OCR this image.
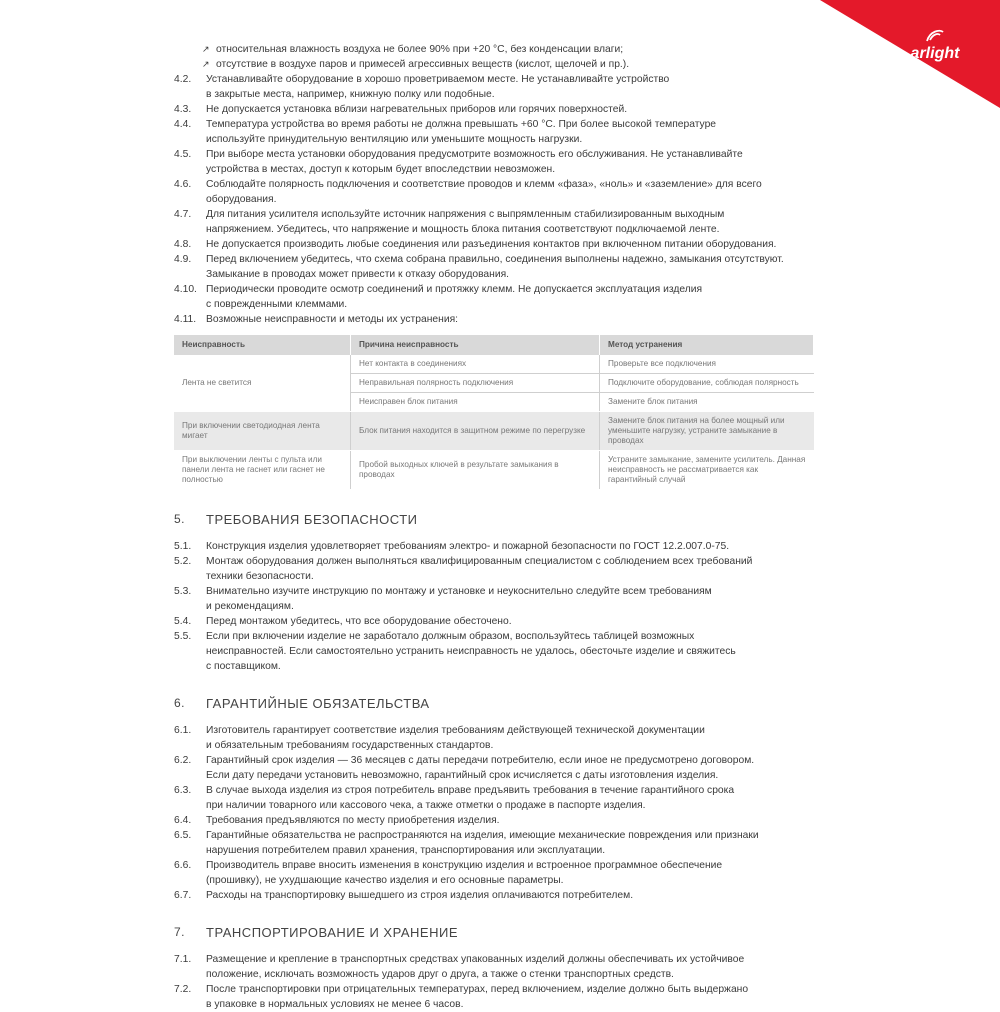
arlight
↗ относительная влажность воздуха не более 90% при +20 °С, без конденсации влаги;
↗ отсутствие в воздухе паров и примесей агрессивных веществ (кислот, щелочей и пр.).
4.2. Устанавливайте оборудование в хорошо проветриваемом месте. Не устанавливайте устройство
в закрытые места, например, книжную полку или подобные.
4.3. Не допускается установка вблизи нагревательных приборов или горячих поверхностей.
4.4. Температура устройства во время работы не должна превышать +60 °С. При более высокой температуре
используйте принудительную вентиляцию или уменьшите мощность нагрузки.
4.5. При выборе места установки оборудования предусмотрите возможность его обслуживания. Не устанавливайте
устройства в местах, доступ к которым будет впоследствии невозможен.
4.6. Соблюдайте полярность подключения и соответствие проводов и клемм «фаза», «ноль» и «заземление» для всего
оборудования.
4.7. Для питания усилителя используйте источник напряжения с выпрямленным стабилизированным выходным
напряжением. Убедитесь, что напряжение и мощность блока питания соответствуют подключаемой ленте.
4.8. Не допускается производить любые соединения или разъединения контактов при включенном питании оборудования.
4.9. Перед включением убедитесь, что схема собрана правильно, соединения выполнены надежно, замыкания отсутствуют.
Замыкание в проводах может привести к отказу оборудования.
4.10. Периодически проводите осмотр соединений и протяжку клемм. Не допускается эксплуатация изделия
с поврежденными клеммами.
4.11. Возможные неисправности и методы их устранения:
Неисправность	Причина неисправность	Метод устранения
Лента не светится	Нет контакта в соединениях	Проверьте все подключения
	Неправильная полярность подключения	Подключите оборудование, соблюдая полярность
	Неисправен блок питания	Замените блок питания
При включении светодиодная лента мигает	Блок питания находится в защитном режиме по перегрузке	Замените блок питания на более мощный или уменьшите нагрузку, устраните замыкание в проводах
При выключении ленты с пульта или панели лента не гаснет или гаснет не полностью	Пробой выходных ключей в результате замыкания в проводах	Устраните замыкание, замените усилитель. Данная неисправность не рассматривается как гарантийный случай
5. ТРЕБОВАНИЯ БЕЗОПАСНОСТИ
5.1. Конструкция изделия удовлетворяет требованиям электро- и пожарной безопасности по ГОСТ 12.2.007.0-75.
5.2. Монтаж оборудования должен выполняться квалифицированным специалистом с соблюдением всех требований
техники безопасности.
5.3. Внимательно изучите инструкцию по монтажу и установке и неукоснительно следуйте всем требованиям
и рекомендациям.
5.4. Перед монтажом убедитесь, что все оборудование обесточено.
5.5. Если при включении изделие не заработало должным образом, воспользуйтесь таблицей возможных
неисправностей. Если самостоятельно устранить неисправность не удалось, обесточьте изделие и свяжитесь
с поставщиком.
6. ГАРАНТИЙНЫЕ ОБЯЗАТЕЛЬСТВА
6.1. Изготовитель гарантирует соответствие изделия требованиям действующей технической документации
и обязательным требованиям государственных стандартов.
6.2. Гарантийный срок изделия — 36 месяцев с даты передачи потребителю, если иное не предусмотрено договором.
Если дату передачи установить невозможно, гарантийный срок исчисляется с даты изготовления изделия.
6.3. В случае выхода изделия из строя потребитель вправе предъявить требования в течение гарантийного срока
при наличии товарного или кассового чека, а также отметки о продаже в паспорте изделия.
6.4. Требования предъявляются по месту приобретения изделия.
6.5. Гарантийные обязательства не распространяются на изделия, имеющие механические повреждения или признаки
нарушения потребителем правил хранения, транспортирования или эксплуатации.
6.6. Производитель вправе вносить изменения в конструкцию изделия и встроенное программное обеспечение
(прошивку), не ухудшающие качество изделия и его основные параметры.
6.7. Расходы на транспортировку вышедшего из строя изделия оплачиваются потребителем.
7. ТРАНСПОРТИРОВАНИЕ И ХРАНЕНИЕ
7.1. Размещение и крепление в транспортных средствах упакованных изделий должны обеспечивать их устойчивое
положение, исключать возможность ударов друг о друга, а также о стенки транспортных средств.
7.2. После транспортировки при отрицательных температурах, перед включением, изделие должно быть выдержано
в упаковке в нормальных условиях не менее 6 часов.
